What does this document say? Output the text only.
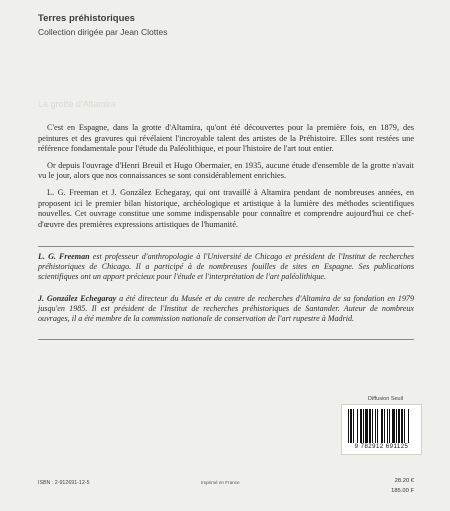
Terres préhistoriques
Collection dirigée par Jean Clottes
La grotte d'Altamira

C'est en Espagne, dans la grotte d'Altamira, qu'ont été découvertes pour la première fois, en 1879, des peintures et des gravures qui révélaient l'incroyable talent des artistes de la Préhistoire. Elles sont restées une référence fondamentale pour l'étude du Paléolithique, et pour l'histoire de l'art tout entier.

Or depuis l'ouvrage d'Henri Breuil et Hugo Obermaier, en 1935, aucune étude d'ensemble de la grotte n'avait vu le jour, alors que nos connaissances se sont considérablement enrichies.

L. G. Freeman et J. González Echegaray, qui ont travaillé à Altamira pendant de nombreuses années, en proposent ici le premier bilan historique, archéologique et artistique à la lumière des méthodes scientifiques nouvelles. Cet ouvrage constitue une somme indispensable pour connaître et comprendre aujourd'hui ce chef-d'œuvre des premières expressions artistiques de l'humanité.

L. G. Freeman est professeur d'anthropologie à l'Université de Chicago et président de l'Institut de recherches préhistoriques de Chicago. Il a participé à de nombreuses fouilles de sites en Espagne. Ses publications scientifiques ont un apport précieux pour l'étude et l'interprétation de l'art paléolithique.
J. González Echegaray a été directeur du Musée et du centre de recherches d'Altamira de sa fondation en 1979 jusqu'en 1985. Il est président de l'Institut de recherches préhistoriques de Santander. Auteur de nombreux ouvrages, il a été membre de la commission nationale de conservation de l'art rupestre à Madrid.
Diffusion Seuil
9 782912 691125
ISBN : 2-912691-12-5	Imprimé en France	28.20 €
185.00 F
